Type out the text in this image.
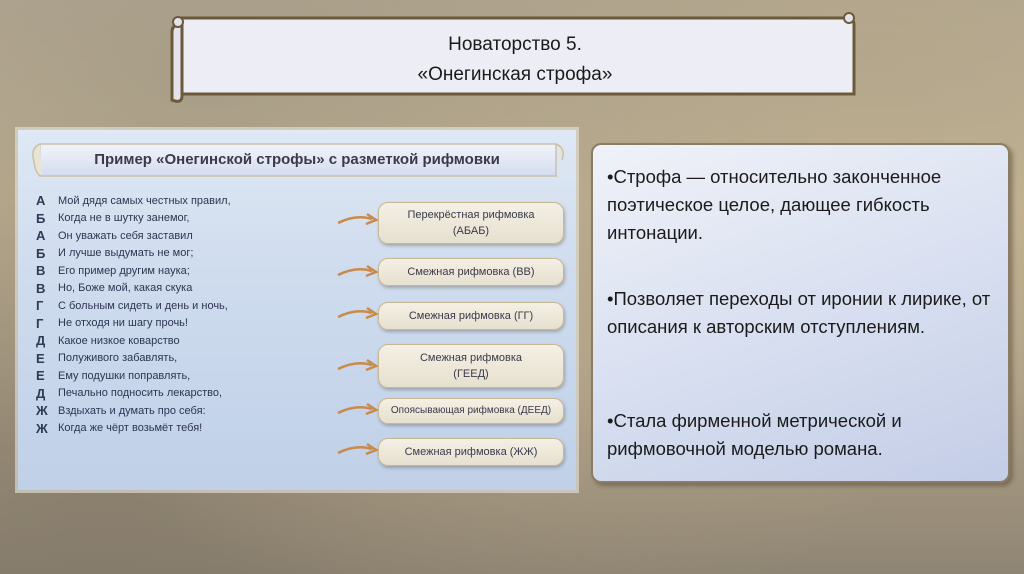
Новаторство 5.
«Онегинская строфа»
Пример «Онегинской строфы» с разметкой рифмовки
А	Мой дядя самых честных правил,
Б	Когда не в шутку занемог,
А	Он уважать себя заставил
Б	И лучше выдумать не мог;
В	Его пример другим наука;
В	Но, Боже мой, какая скука
Г	С больным сидеть и день и ночь,
Г	Не отходя ни шагу прочь!
Д	Какое низкое коварство
Е	Полуживого забавлять,
Е	Ему подушки поправлять,
Д	Печально подносить лекарство,
Ж Вздыхать и думать про себя:
Ж Когда же чёрт возьмёт тебя!
Перекрёстная рифмовка
(АБАБ)
Смежная рифмовка (ВВ)
Смежная рифмовка (ГГ)
Смежная рифмовка
(ГЕЕД)
Опоясывающая рифмовка (ДЕЕД)
Смежная рифмовка (ЖЖ)
•Строфа — относительно законченное поэтическое целое, дающее гибкость интонации.
•Позволяет переходы от иронии к лирике, от описания к авторским отступлениям.
•Стала фирменной метрической и рифмовочной моделью романа.
